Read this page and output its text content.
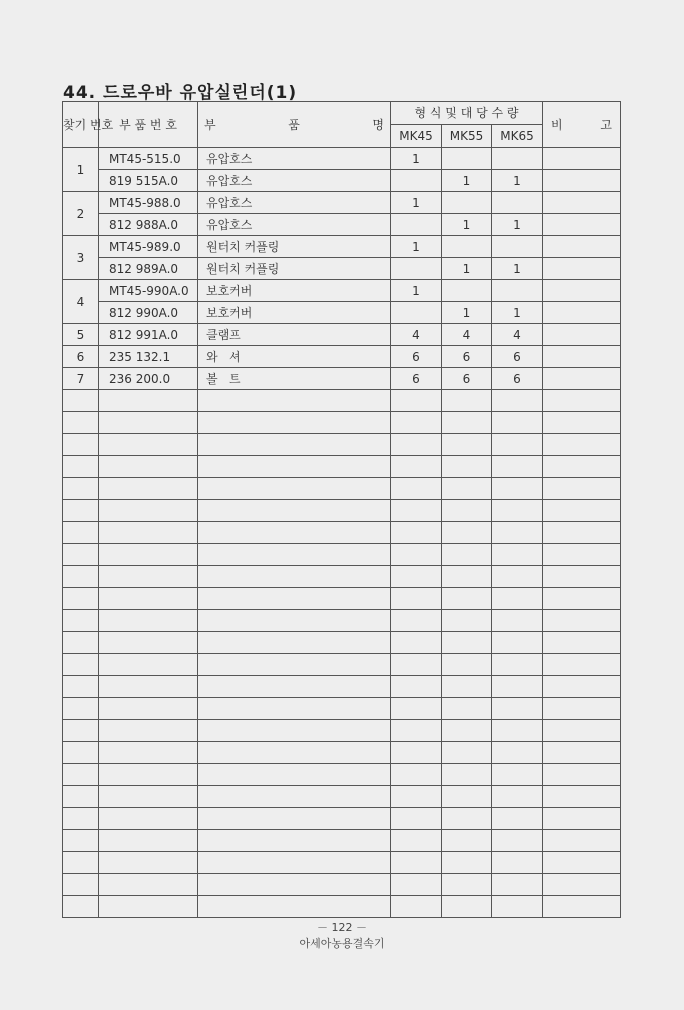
44. 드로우바 유압실린더(1)
찾기 번호	부 품 번 호	부 품 명	형 식 및 대 당 수 량			비 고

			MK45	MK55	MK65	
1	MT45-515.0	유압호스	1			
	819 515A.0	유압호스		1	1	
2	MT45-988.0	유압호스	1			
	812 988A.0	유압호스		1	1	
3	MT45-989.0	원터치 커플링	1			
	812 989A.0	원터치 커플링		1	1	
4	MT45-990A.0	보호커버	1			
	812 990A.0	보호커버		1	1	
5	812 991A.0	클램프	4	4	4	
6	235 132.1	와   셔	6	6	6	
7	236 200.0	볼   트	6	6	6	

－ 122 －
아세아농용결속기
